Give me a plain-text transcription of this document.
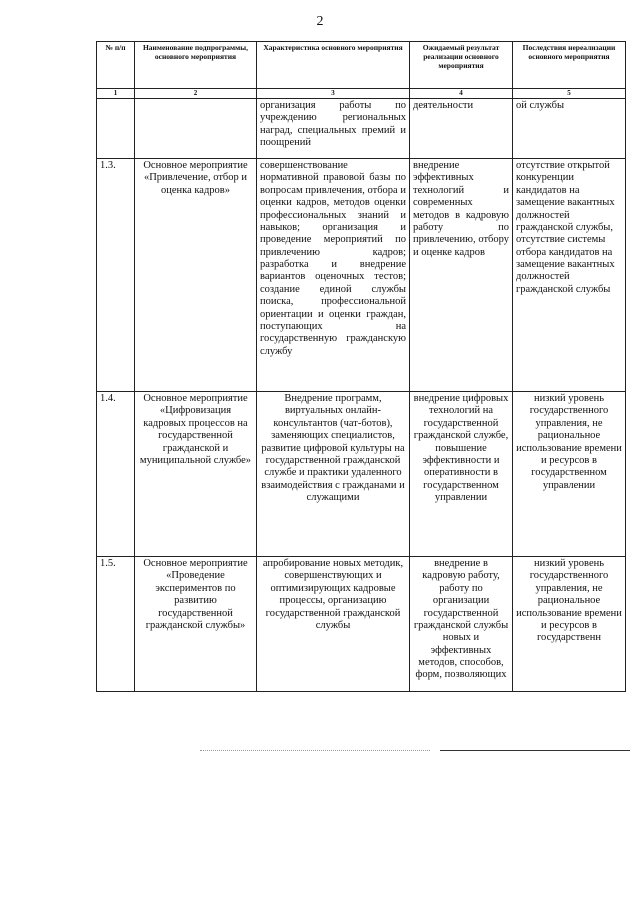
2
№ п/п	Наименование подпрограммы, основного мероприятия	Характеристика основного мероприятия	Ожидаемый результат реализации основного мероприятия	Последствия нереализации основного мероприятия
1	2	3	4	5
		организация работы по учреждению региональных наград, специальных премий и поощрений	деятельности	ой службы
1.3.	Основное мероприятие «Привлечение, отбор и оценка кадров»	совершенствование нормативной правовой базы по вопросам привлечения, отбора и оценки кадров, методов оценки профессиональных знаний и навыков; организация и проведение мероприятий по привлечению кадров; разработка и внедрение вариантов оценочных тестов; создание единой службы поиска, профессиональной ориентации и оценки граждан, поступающих на государственную гражданскую службу	внедрение эффективных технологий и современных методов в кадровую работу по привлечению, отбору и оценке кадров	отсутствие открытой конкуренции кандидатов на замещение вакантных должностей гражданской службы, отсутствие системы отбора кандидатов на замещение вакантных должностей гражданской службы
1.4.	Основное мероприятие «Цифровизация кадровых процессов на государственной гражданской и муниципальной службе»	Внедрение программ, виртуальных онлайн-консультантов (чат-ботов), заменяющих специалистов, развитие цифровой культуры на государственной гражданской службе и практики удаленного взаимодействия с гражданами и служащими	внедрение цифровых технологий на государственной гражданской службе, повышение эффективности и оперативности в государственном управлении	низкий уровень государственного управления, не рациональное использование времени и ресурсов в государственном управлении
1.5.	Основное мероприятие «Проведение экспериментов по развитию государственной гражданской службы»	апробирование новых методик, совершенствующих и оптимизирующих кадровые процессы, организацию государственной гражданской службы	внедрение в кадровую работу, работу по организации государственной гражданской службы новых и эффективных методов, способов, форм, позволяющих	низкий уровень государственного управления, не рациональное использование времени и ресурсов в государственн
